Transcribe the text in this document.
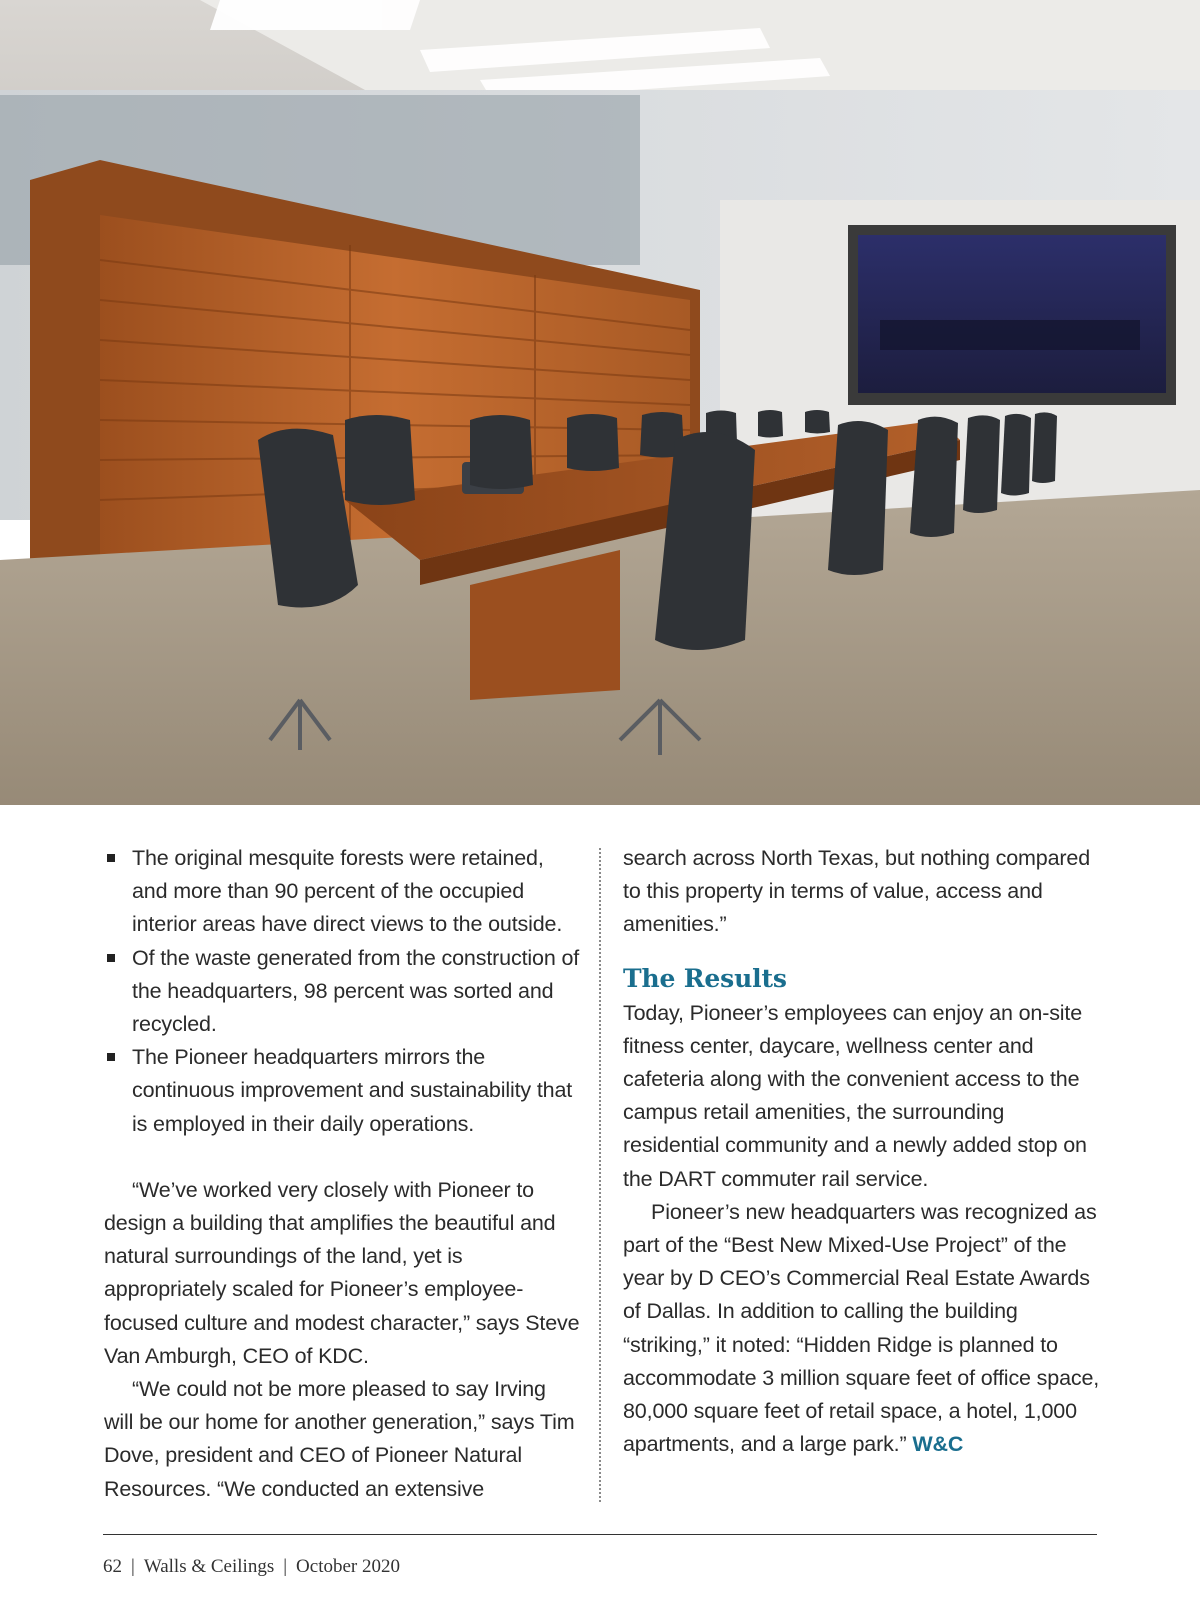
The original mesquite forests were retained, and more than 90 percent of the occupied interior areas have direct views to the outside.
Of the waste generated from the construction of the headquarters, 98 percent was sorted and recycled.
The Pioneer headquarters mirrors the continuous improvement and sustainability that is employed in their daily operations.

“We’ve worked very closely with Pioneer to design a building that amplifies the beautiful and natural surroundings of the land, yet is appropriately scaled for Pioneer’s employee-focused culture and modest character,” says Steve Van Amburgh, CEO of KDC.

“We could not be more pleased to say Irving will be our home for another generation,” says Tim Dove, president and CEO of Pioneer Natural Resources. “We conducted an extensive

search across North Texas, but nothing compared to this property in terms of value, access and amenities.”

The Results

Today, Pioneer’s employees can enjoy an on-site fitness center, daycare, wellness center and cafeteria along with the convenient access to the campus retail amenities, the surrounding residential community and a newly added stop on the DART commuter rail service.

Pioneer’s new headquarters was recognized as part of the “Best New Mixed-Use Project” of the year by D CEO’s Commercial Real Estate Awards of Dallas. In addition to calling the building “striking,” it noted: “Hidden Ridge is planned to accommodate 3 million square feet of office space, 80,000 square feet of retail space, a hotel, 1,000 apartments, and a large park.” W&C

62 | Walls & Ceilings | October 2020
